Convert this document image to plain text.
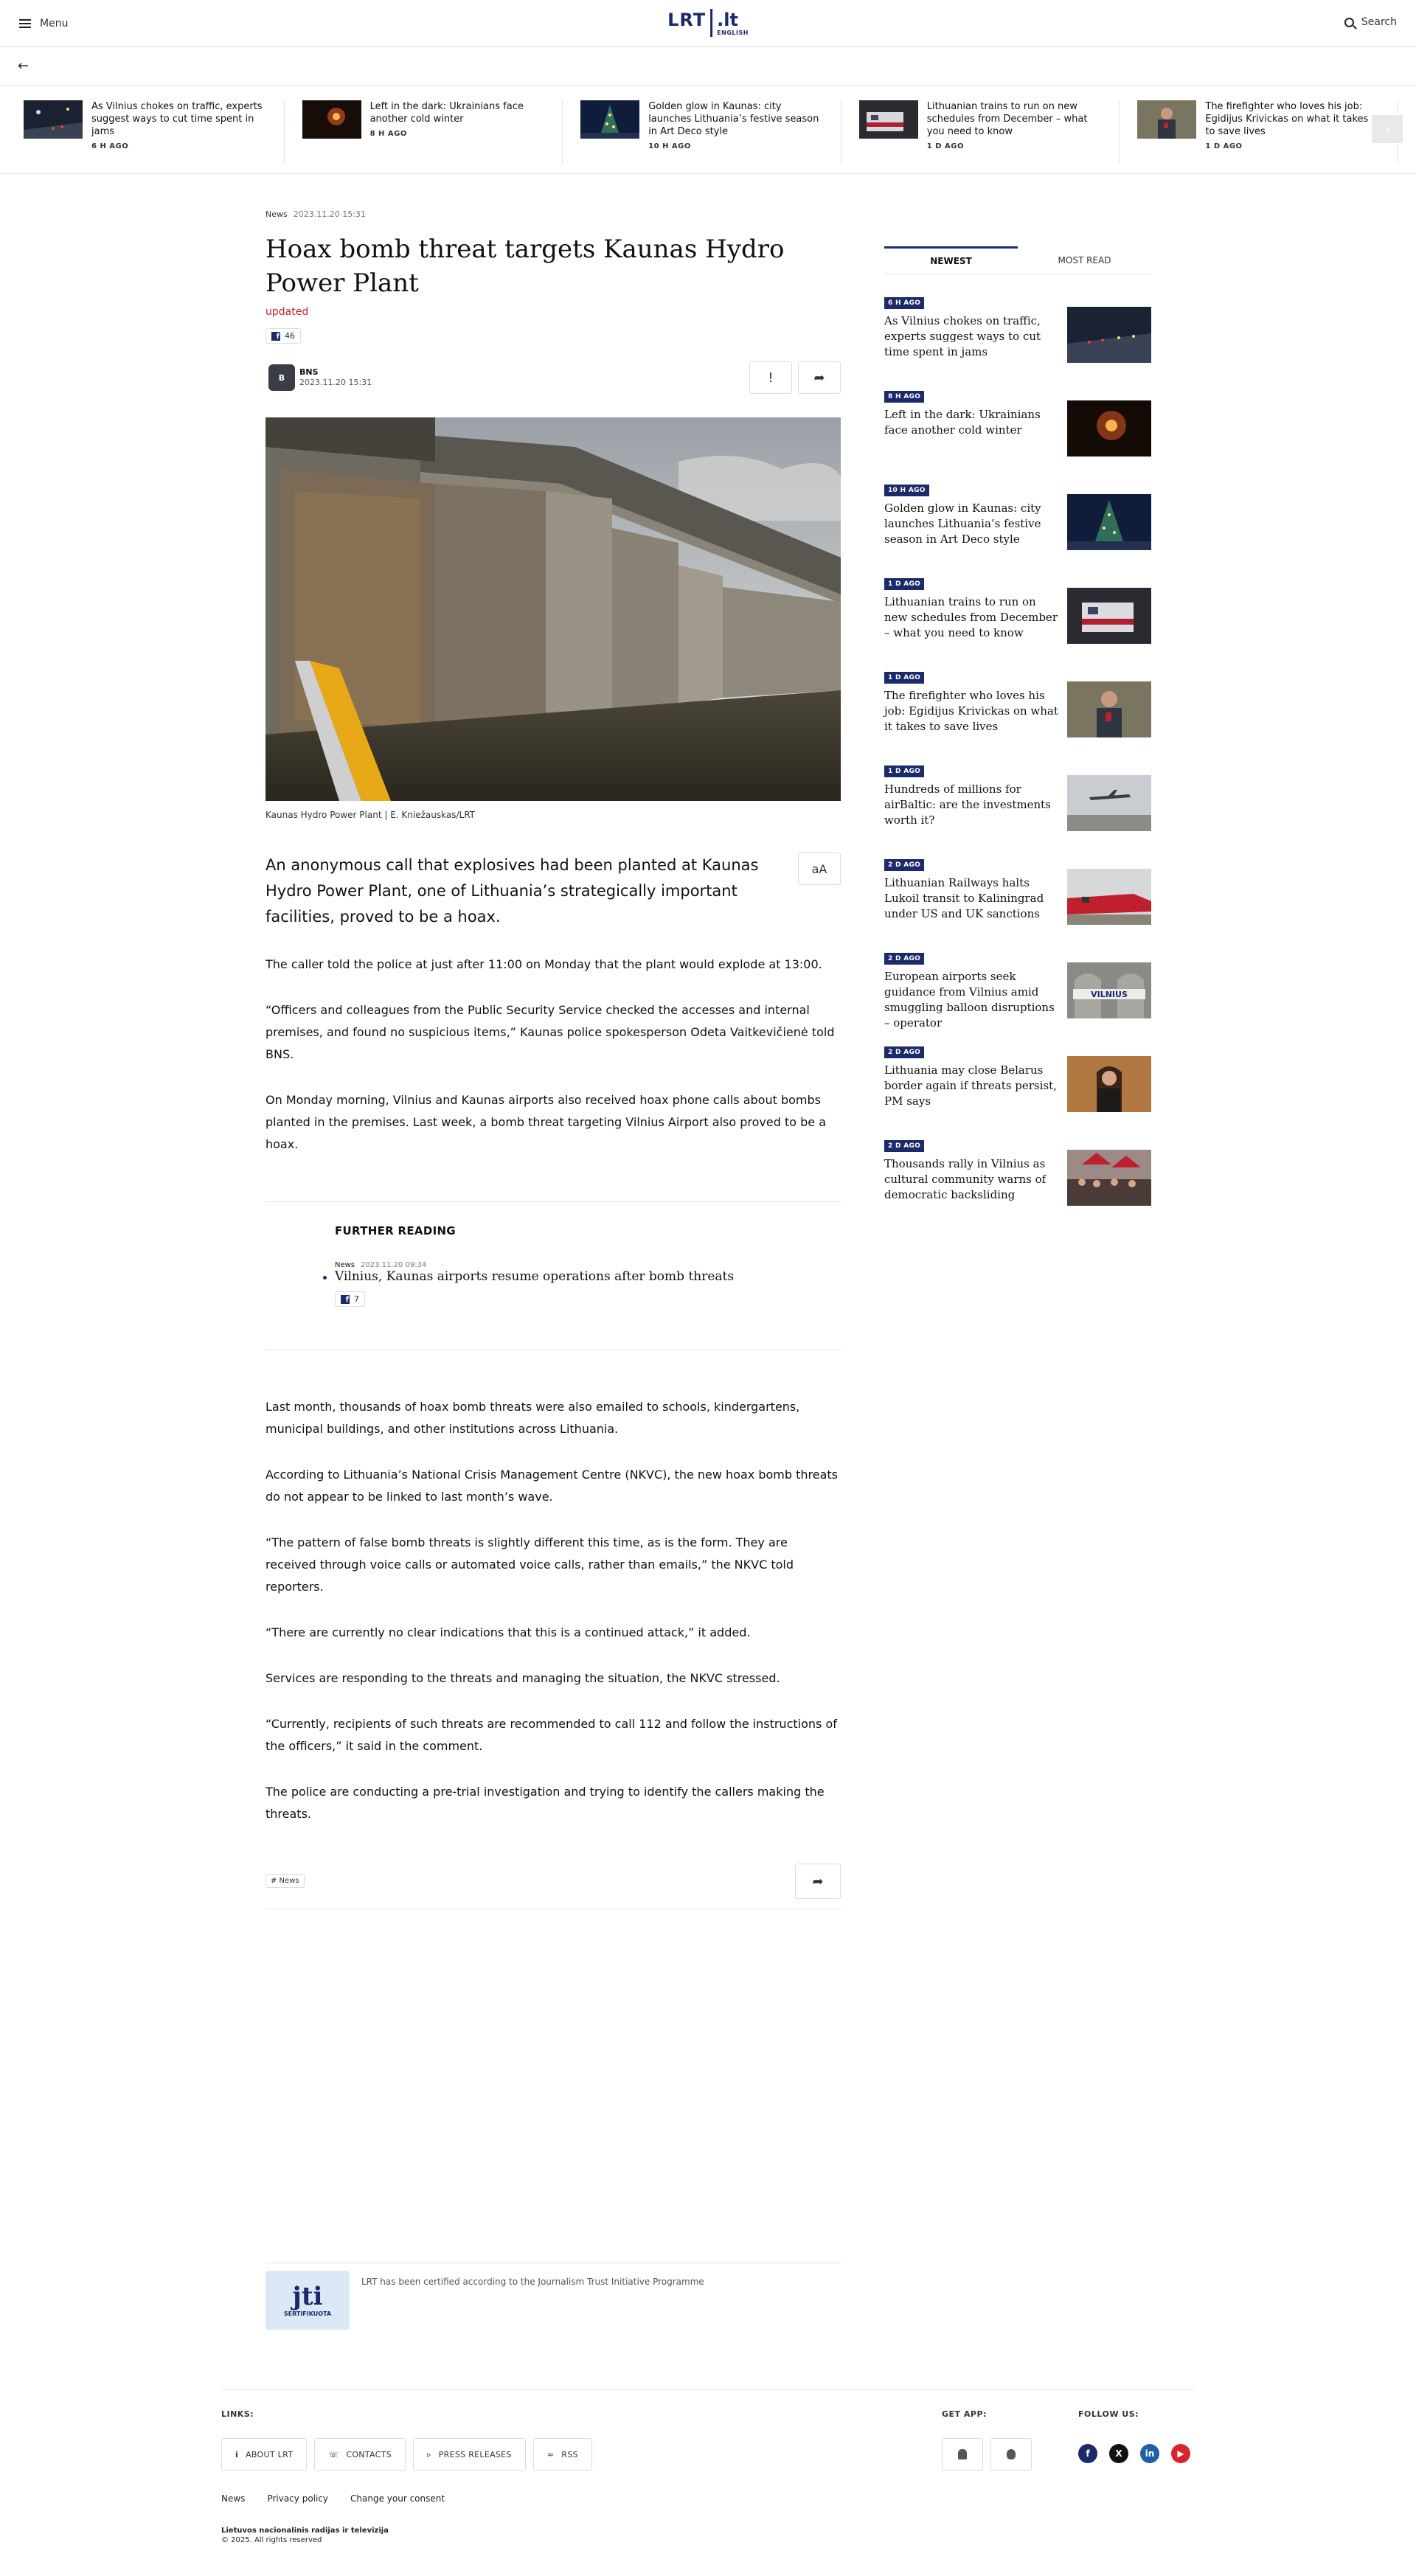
Menu	LRT .lt
ENGLISH
Search
←
As Vilnius chokes on traffic, experts suggest ways to cut time spent in jams
6 H AGO
Left in the dark: Ukrainians face another cold winter
8 H AGO
Golden glow in Kaunas: city launches Lithuania’s festive season in Art Deco style
10 H AGO
Lithuanian trains to run on new schedules from December – what you need to know
1 D AGO
The firefighter who loves his job: Egidijus Krivickas on what it takes to save lives
1 D AGO
›
News 2023.11.20 15:31
Hoax bomb threat targets Kaunas Hydro Power Plant
updated
f 46
B
BNS
2023.11.20 15:31	!	➦
Kaunas Hydro Power Plant | E. Kniežauskas/LRT

An anonymous call that explosives had been planted at Kaunas Hydro Power Plant, one of Lithuania’s strategically important facilities, proved to be a hoax.

aA

The caller told the police at just after 11:00 on Monday that the plant would explode at 13:00.

“Officers and colleagues from the Public Security Service checked the accesses and internal premises, and found no suspicious items,” Kaunas police spokesperson Odeta Vaitkevičienė told BNS.

On Monday morning, Vilnius and Kaunas airports also received hoax phone calls about bombs planted in the premises. Last week, a bomb threat targeting Vilnius Airport also proved to be a hoax.

FURTHER READING
News 2023.11.20 09:34
Vilnius, Kaunas airports resume operations after bomb threats
f 7

Last month, thousands of hoax bomb threats were also emailed to schools, kindergartens, municipal buildings, and other institutions across Lithuania.

According to Lithuania’s National Crisis Management Centre (NKVC), the new hoax bomb threats do not appear to be linked to last month’s wave.

“The pattern of false bomb threats is slightly different this time, as is the form. They are received through voice calls or automated voice calls, rather than emails,” the NKVC told reporters.

“There are currently no clear indications that this is a continued attack,” it added.

Services are responding to the threats and managing the situation, the NKVC stressed.

“Currently, recipients of such threats are recommended to call 112 and follow the instructions of the officers,” it said in the comment.

The police are conducting a pre-trial investigation and trying to identify the callers making the threats.

# News	➦
jti
SERTIFIKUOTA
LRT has been certified according to the Journalism Trust Initiative Programme
NEWEST	MOST READ
6 H AGO
As Vilnius chokes on traffic, experts suggest ways to cut time spent in jams
8 H AGO
Left in the dark: Ukrainians face another cold winter
10 H AGO
Golden glow in Kaunas: city launches Lithuania’s festive season in Art Deco style
1 D AGO
Lithuanian trains to run on new schedules from December – what you need to know
1 D AGO
The firefighter who loves his job: Egidijus Krivickas on what it takes to save lives
1 D AGO
Hundreds of millions for airBaltic: are the investments worth it?
2 D AGO
Lithuanian Railways halts Lukoil transit to Kaliningrad under US and UK sanctions
2 D AGO
European airports seek guidance from Vilnius amid smuggling balloon disruptions – operator
VILNIUS
2 D AGO
Lithuania may close Belarus border again if threats persist, PM says
2 D AGO
Thousands rally in Vilnius as cultural community warns of democratic backsliding
LINKS:
i ABOUT LRT	☏ CONTACTS	▹ PRESS RELEASES	≈ RSS
GET APP:	FOLLOW US:
f	X	in	▶
News	Privacy policy	Change your consent
Lietuvos nacionalinis radijas ir televizija
© 2025. All rights reserved
